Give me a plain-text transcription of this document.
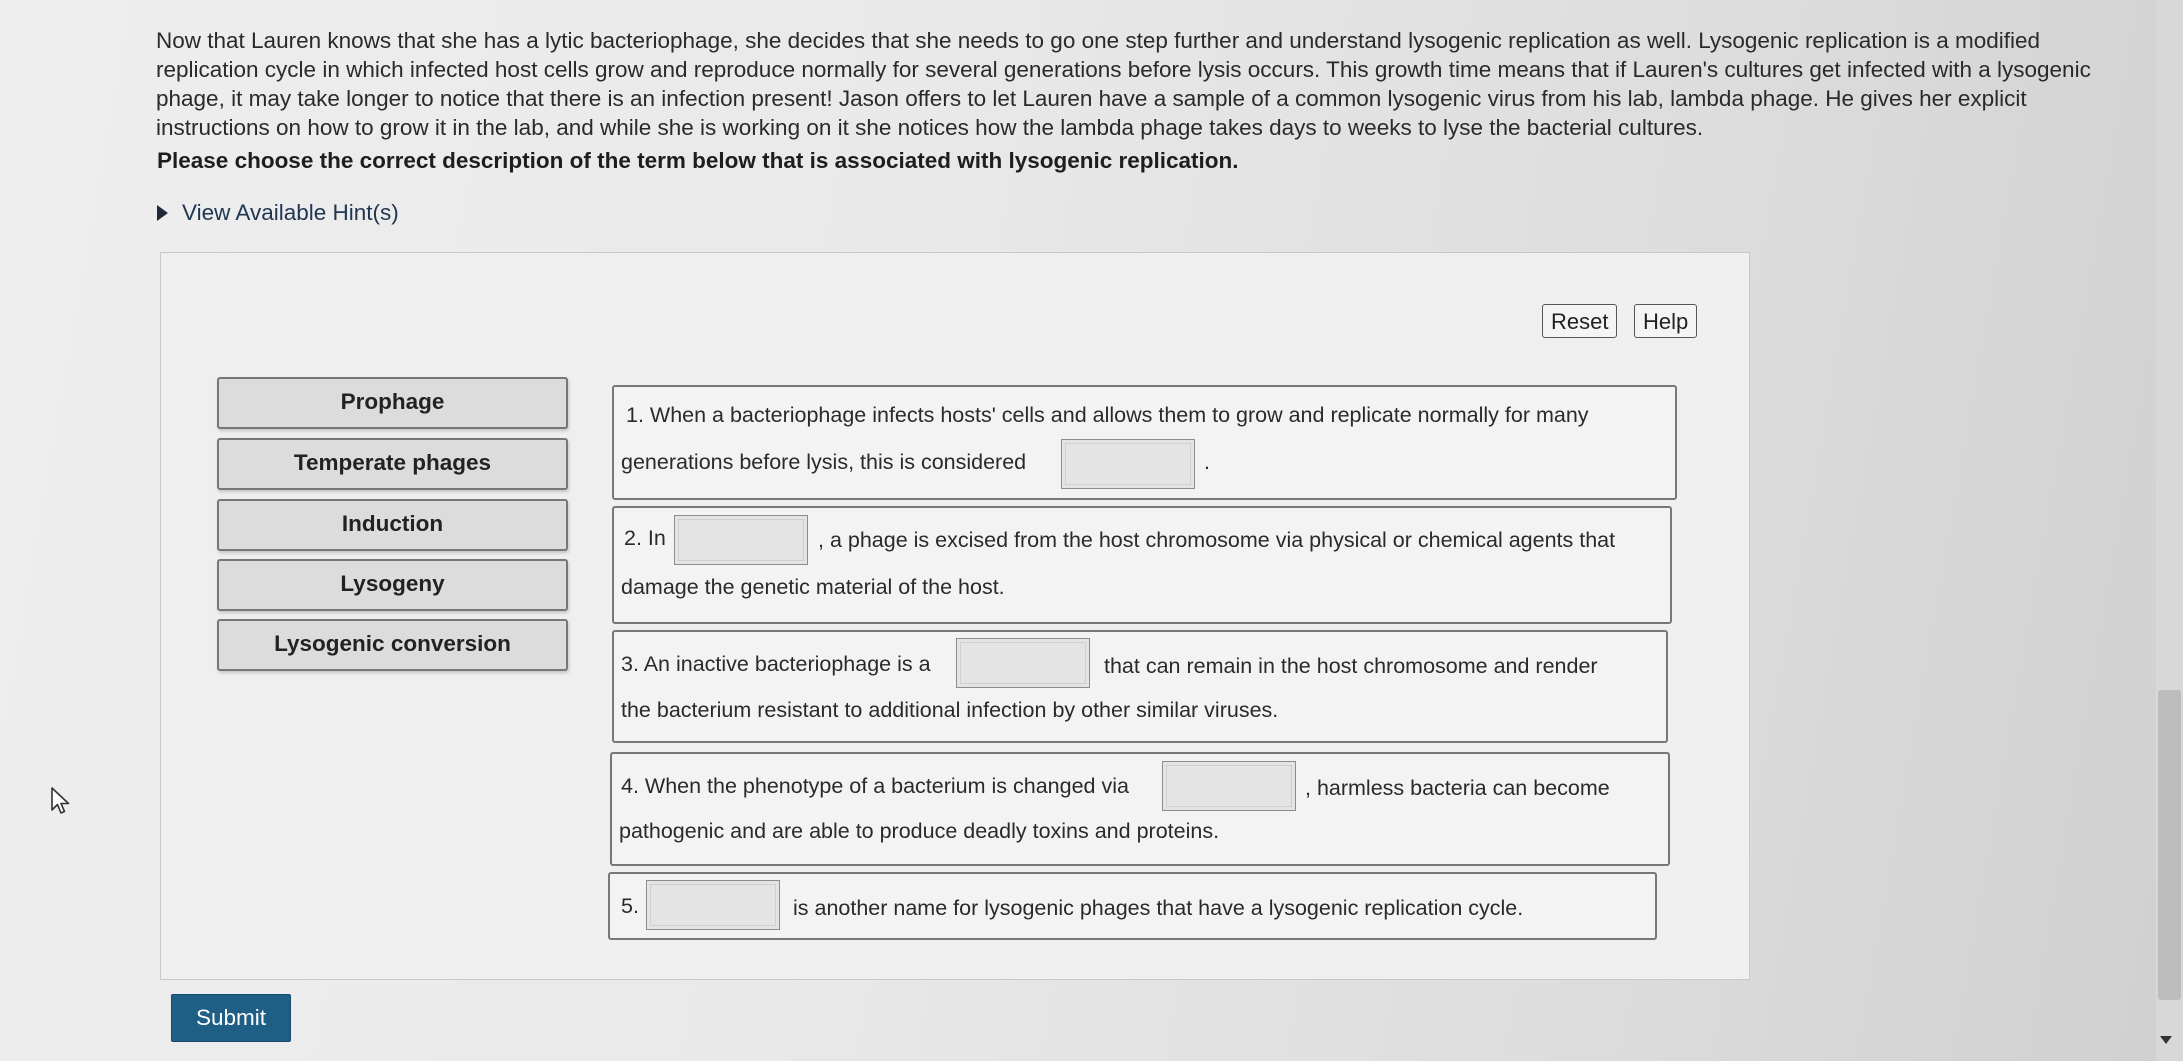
Now that Lauren knows that she has a lytic bacteriophage, she decides that she needs to go one step further and understand lysogenic replication as well. Lysogenic replication is a modified replication cycle in which infected host cells grow and reproduce normally for several generations before lysis occurs. This growth time means that if Lauren's cultures get infected with a lysogenic phage, it may take longer to notice that there is an infection present! Jason offers to let Lauren have a sample of a common lysogenic virus from his lab, lambda phage. He gives her explicit instructions on how to grow it in the lab, and while she is working on it she notices how the lambda phage takes days to weeks to lyse the bacterial cultures.

Please choose the correct description of the term below that is associated with lysogenic replication.

View Available Hint(s)
Reset	Help
Prophage
Temperate phages
Induction
Lysogeny
Lysogenic conversion
1. When a bacteriophage infects hosts' cells and allows them to grow and replicate normally for many
generations before lysis, this is considered	.
2. In	, a phage is excised from the host chromosome via physical or chemical agents that
damage the genetic material of the host.
3. An inactive bacteriophage is a	that can remain in the host chromosome and render
the bacterium resistant to additional infection by other similar viruses.
4. When the phenotype of a bacterium is changed via	, harmless bacteria can become
pathogenic and are able to produce deadly toxins and proteins.
5.	is another name for lysogenic phages that have a lysogenic replication cycle.
Submit
